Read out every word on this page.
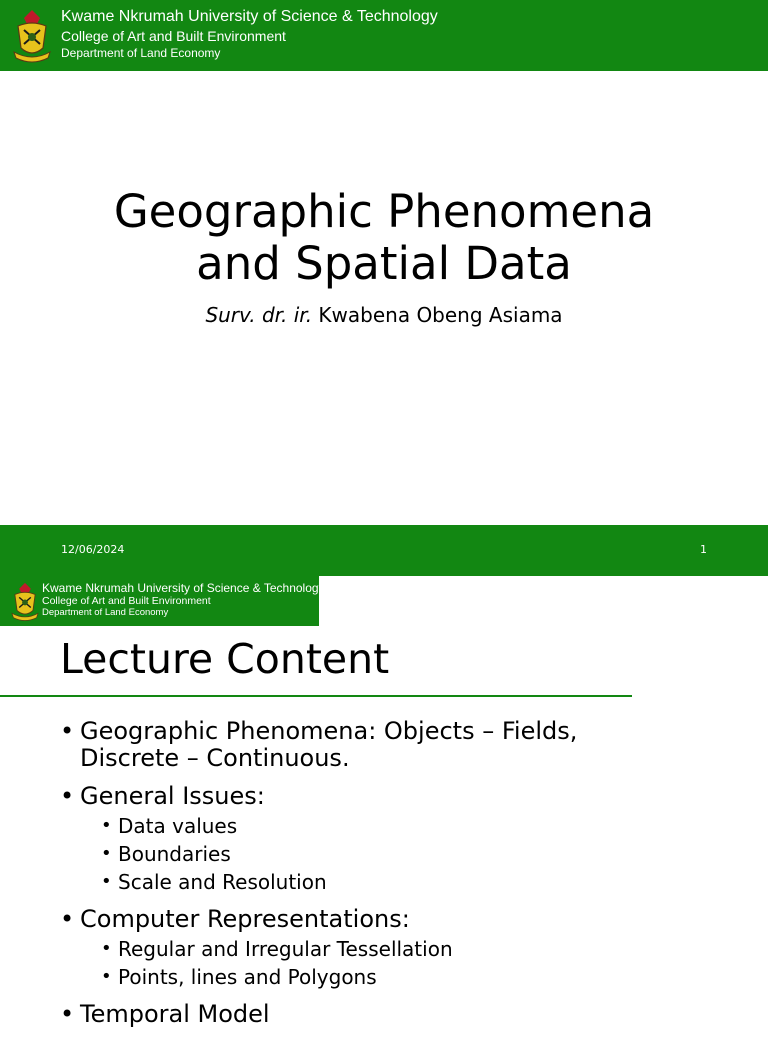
Kwame Nkrumah University of Science & Technology
College of Art and Built Environment
Department of Land Economy
Geographic Phenomena
and Spatial Data
Surv. dr. ir. Kwabena Obeng Asiama
12/06/2024	1
Kwame Nkrumah University of Science & Technology
College of Art and Built Environment
Department of Land Economy
Lecture Content
• Geographic Phenomena: Objects – Fields,
Discrete – Continuous.
• General Issues:
• Data values
• Boundaries
• Scale and Resolution
• Computer Representations:
• Regular and Irregular Tessellation
• Points, lines and Polygons
• Temporal Model
